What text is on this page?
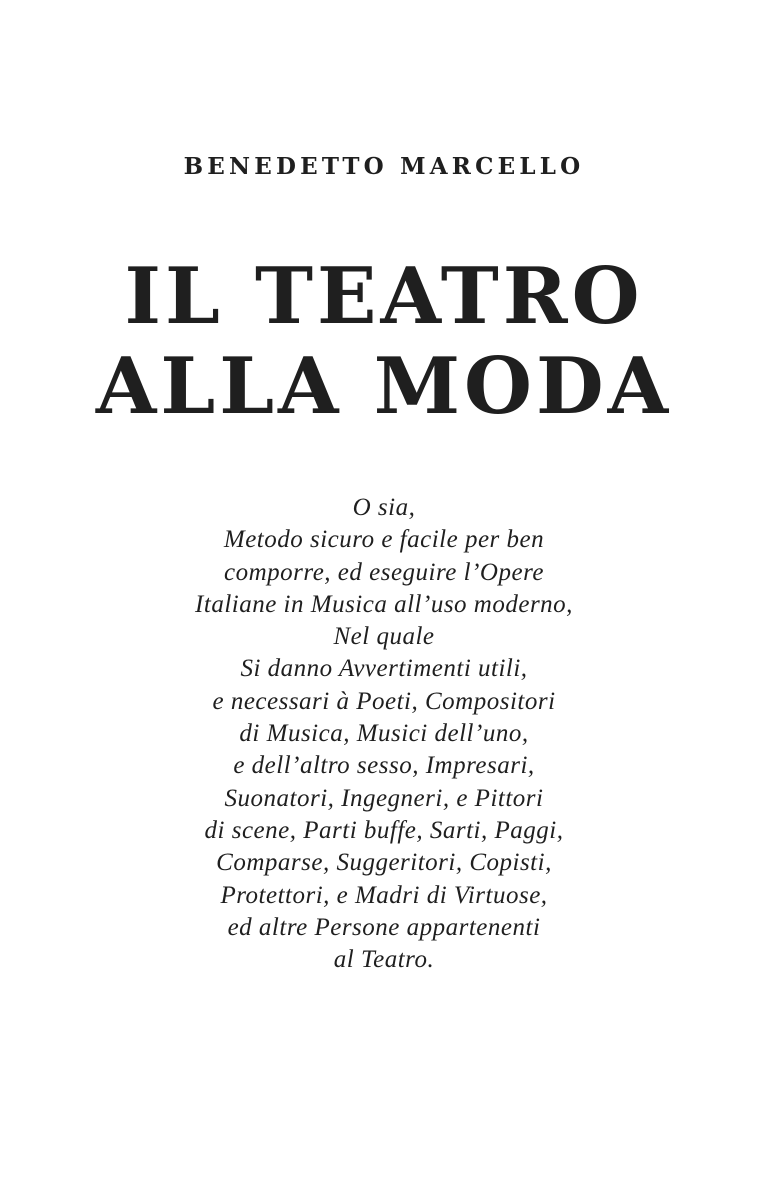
BENEDETTO MARCELLO
IL TEATRO
ALLA MODA
O sia,
Metodo sicuro e facile per ben
comporre, ed eseguire l’Opere
Italiane in Musica all’uso moderno,
Nel quale
Si danno Avvertimenti utili,
e necessari à Poeti, Compositori
di Musica, Musici dell’uno,
e dell’altro sesso, Impresari,
Suonatori, Ingegneri, e Pittori
di scene, Parti buffe, Sarti, Paggi,
Comparse, Suggeritori, Copisti,
Protettori, e Madri di Virtuose,
ed altre Persone appartenenti
al Teatro.
